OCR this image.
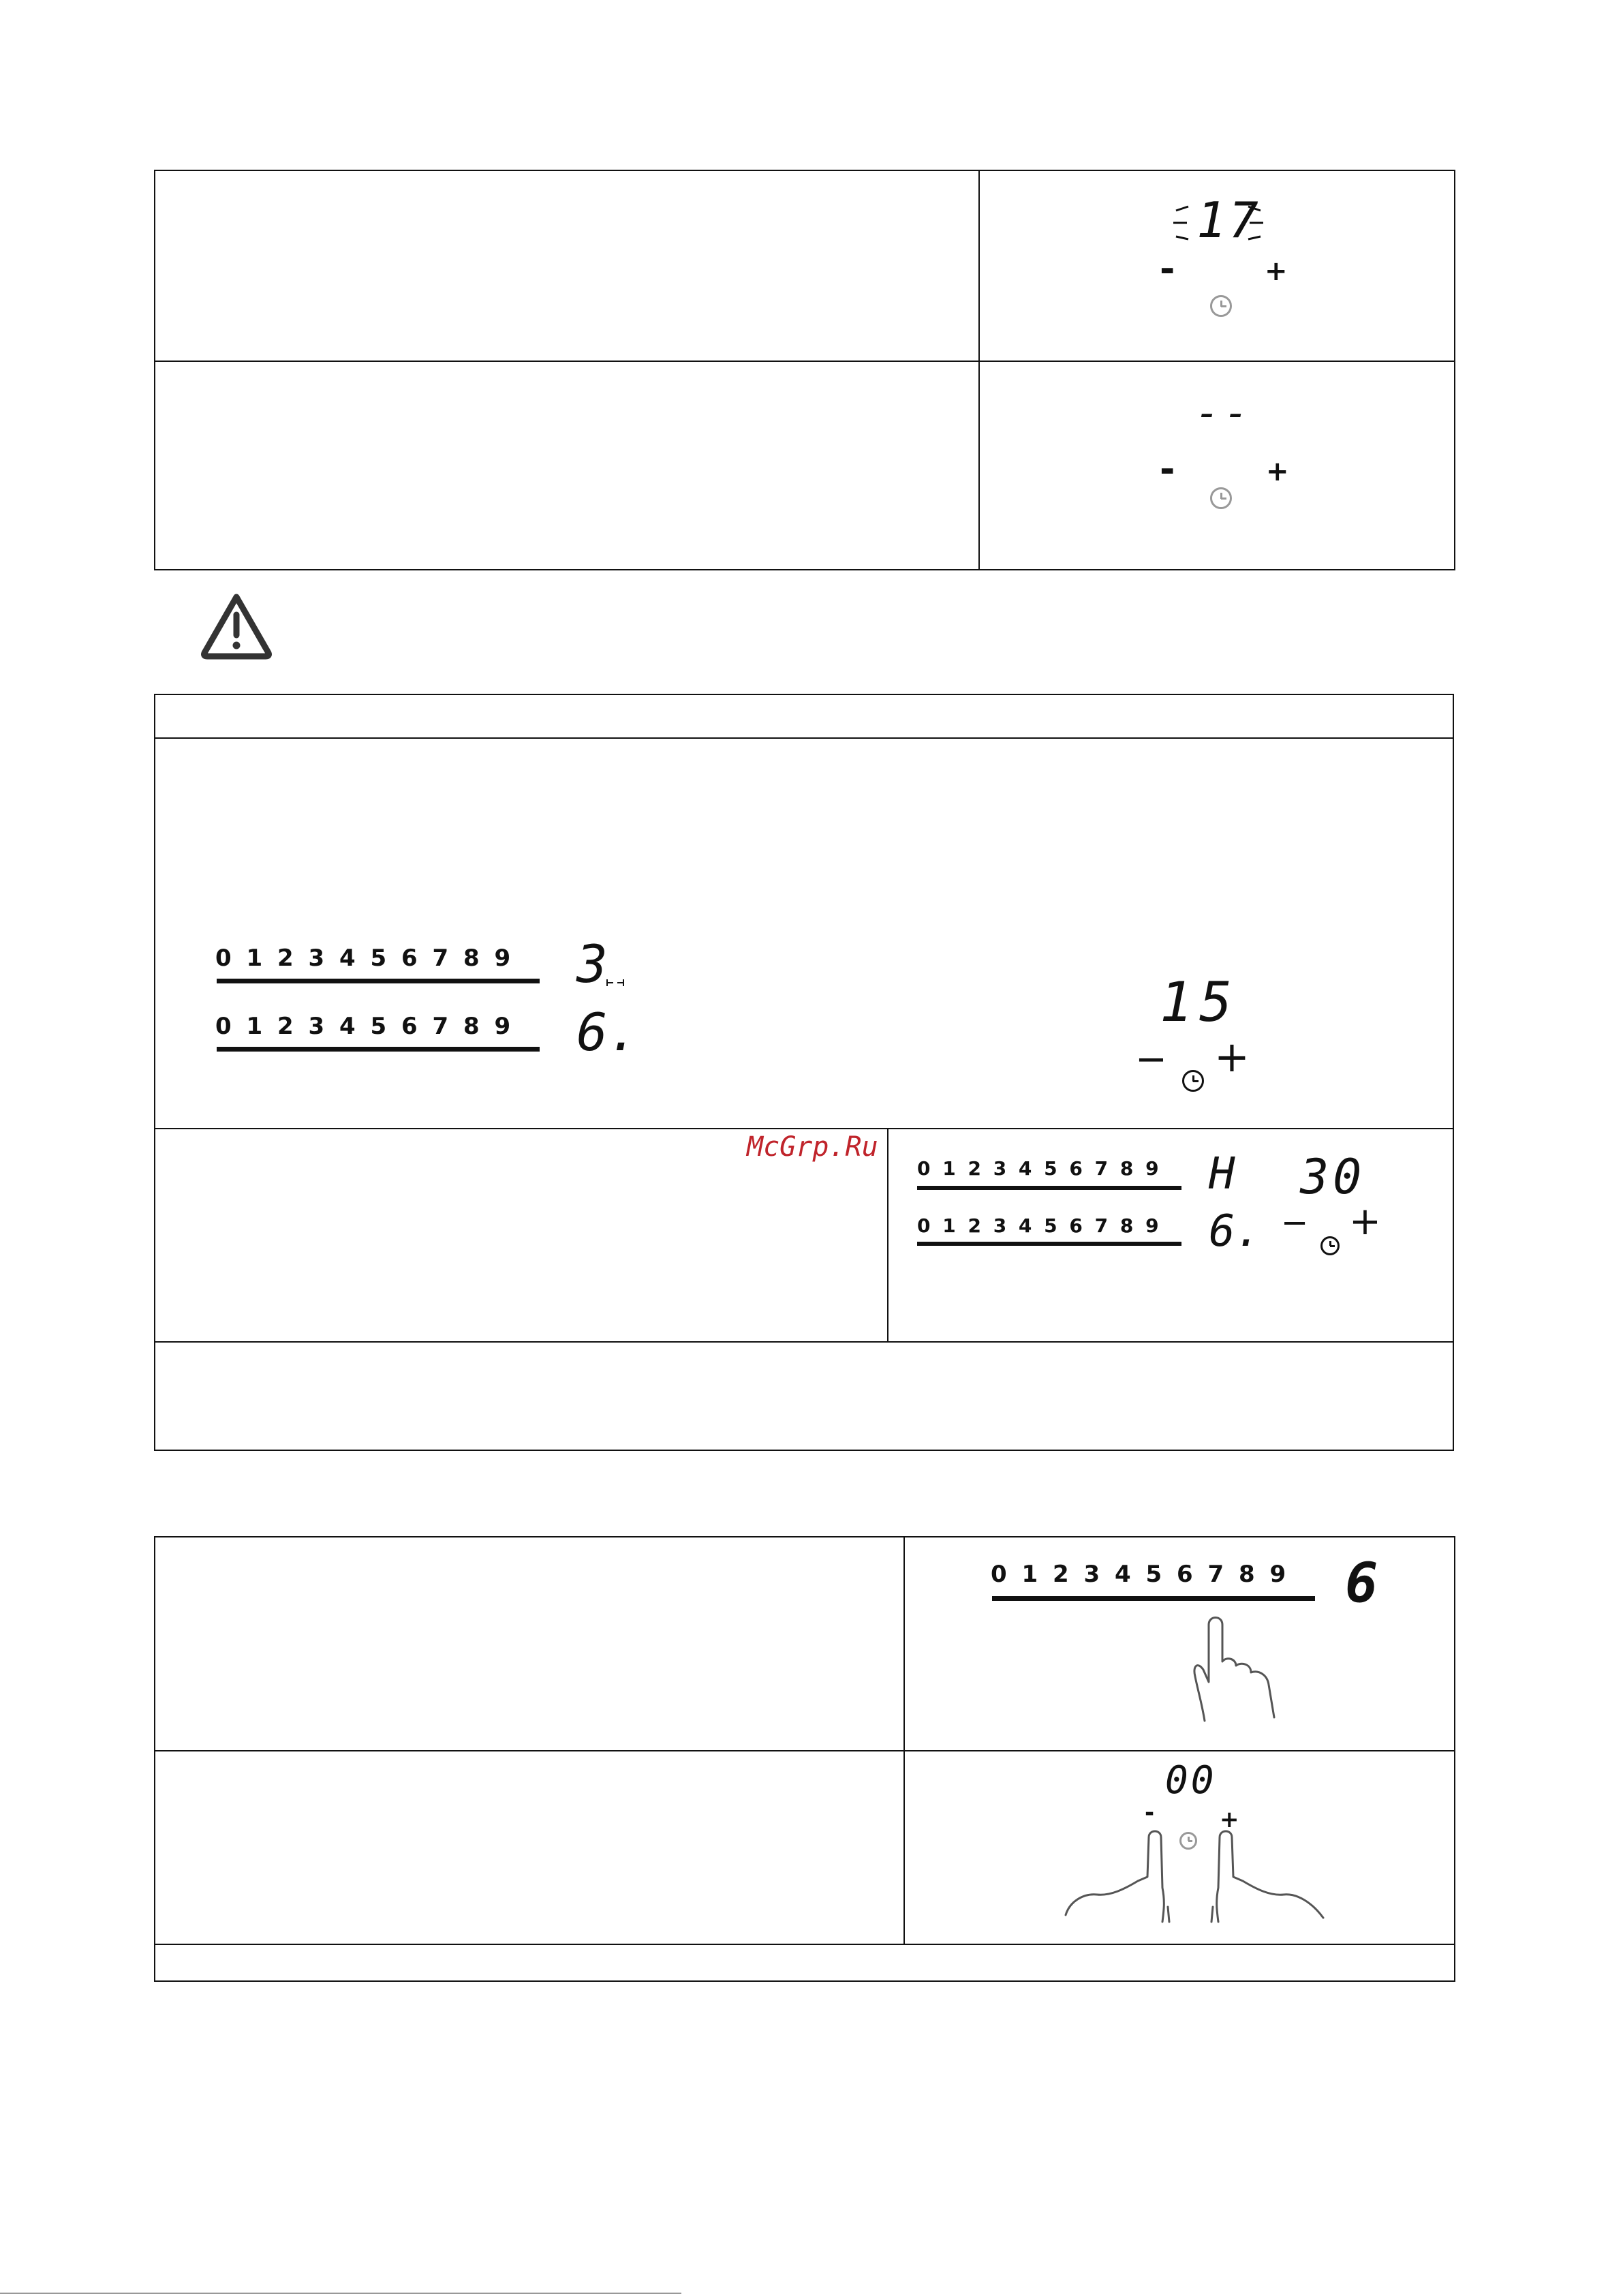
17
-	+
--
-	+
0 1 2 3 4 5 6 7 8 9 3
0 1 2 3 4 5 6 7 8 9 6.	15
− +
McGrp.Ru
0 1 2 3 4 5 6 7 8 9 H 30
0 1 2 3 4 5 6 7 8 9 6. − +
0 1 2 3 4 5 6 7 8 9 6
00
-	+
